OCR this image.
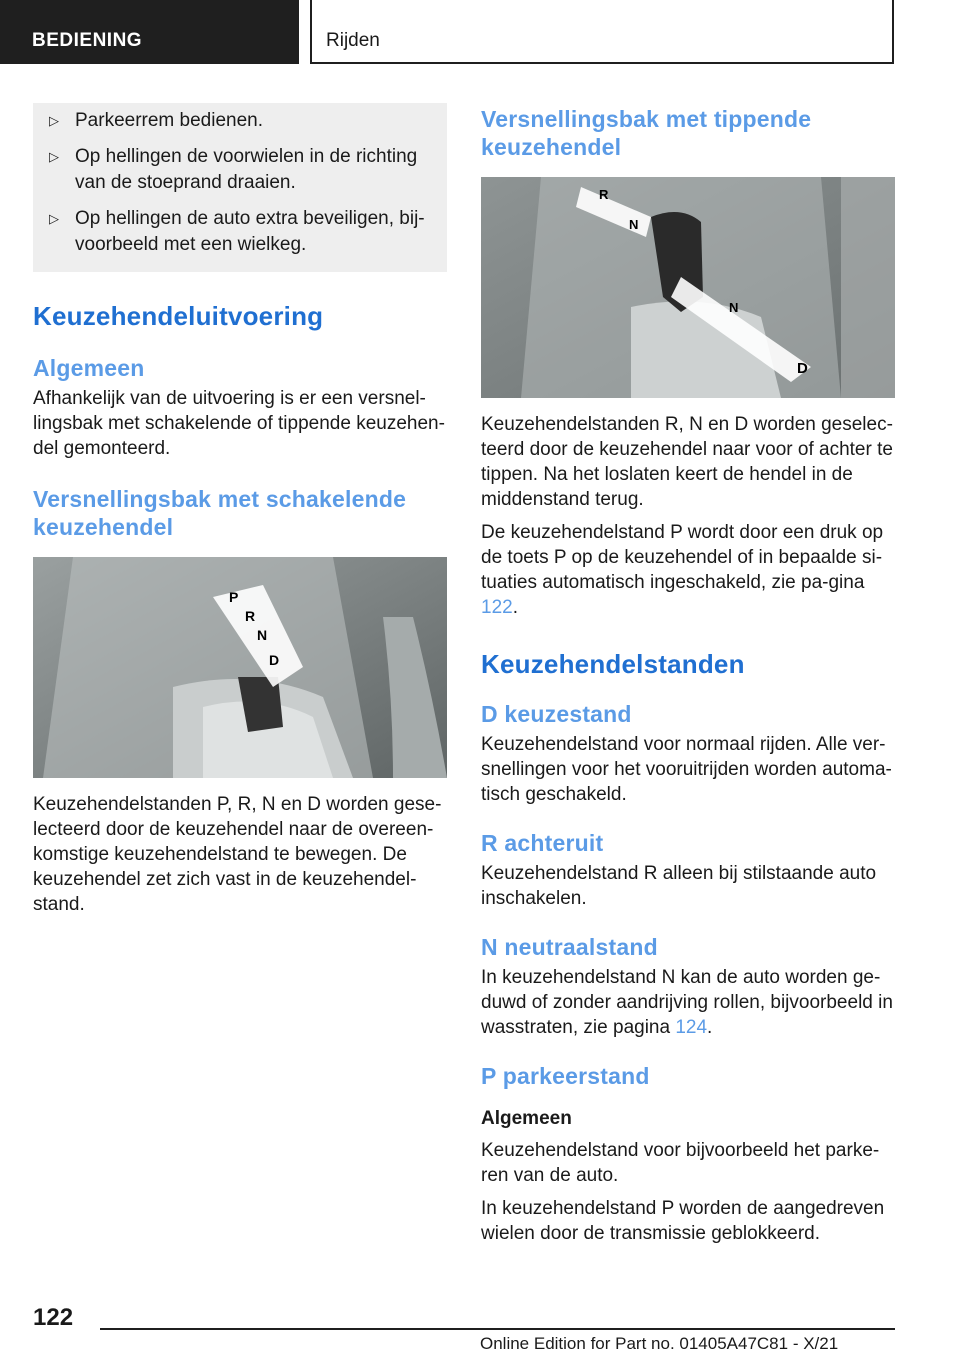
BEDIENING	Rijden
▷ Parkeerrem bedienen.
▷ Op hellingen de voorwielen in de richting van de stoeprand draaien.
▷ Op hellingen de auto extra beveiligen, bij-voorbeeld met een wielkeg.
Keuzehendeluitvoering
Algemeen

Afhankelijk van de uitvoering is er een versnel-lingsbak met schakelende of tippende keuzehen-del gemonteerd.

Versnellingsbak met schakelende keuzehendel
P
R
N
D

Keuzehendelstanden P, R, N en D worden gese-lecteerd door de keuzehendel naar de overeen-komstige keuzehendelstand te bewegen. De keuzehendel zet zich vast in de keuzehendel-stand.

Versnellingsbak met tippende keuzehendel
R
N
N
D

Keuzehendelstanden R, N en D worden geselec-teerd door de keuzehendel naar voor of achter te tippen. Na het loslaten keert de hendel in de middenstand terug.

De keuzehendelstand P wordt door een druk op de toets P op de keuzehendel of in bepaalde si-tuaties automatisch ingeschakeld, zie pa-gina 122.

Keuzehendelstanden
D keuzestand

Keuzehendelstand voor normaal rijden. Alle ver-snellingen voor het vooruitrijden worden automa-tisch geschakeld.

R achteruit

Keuzehendelstand R alleen bij stilstaande auto inschakelen.

N neutraalstand

In keuzehendelstand N kan de auto worden ge-duwd of zonder aandrijving rollen, bijvoorbeeld in wasstraten, zie pagina 124.

P parkeerstand
Algemeen

Keuzehendelstand voor bijvoorbeeld het parke-ren van de auto.

In keuzehendelstand P worden de aangedreven wielen door de transmissie geblokkeerd.

122
Online Edition for Part no. 01405A47C81 - X/21
